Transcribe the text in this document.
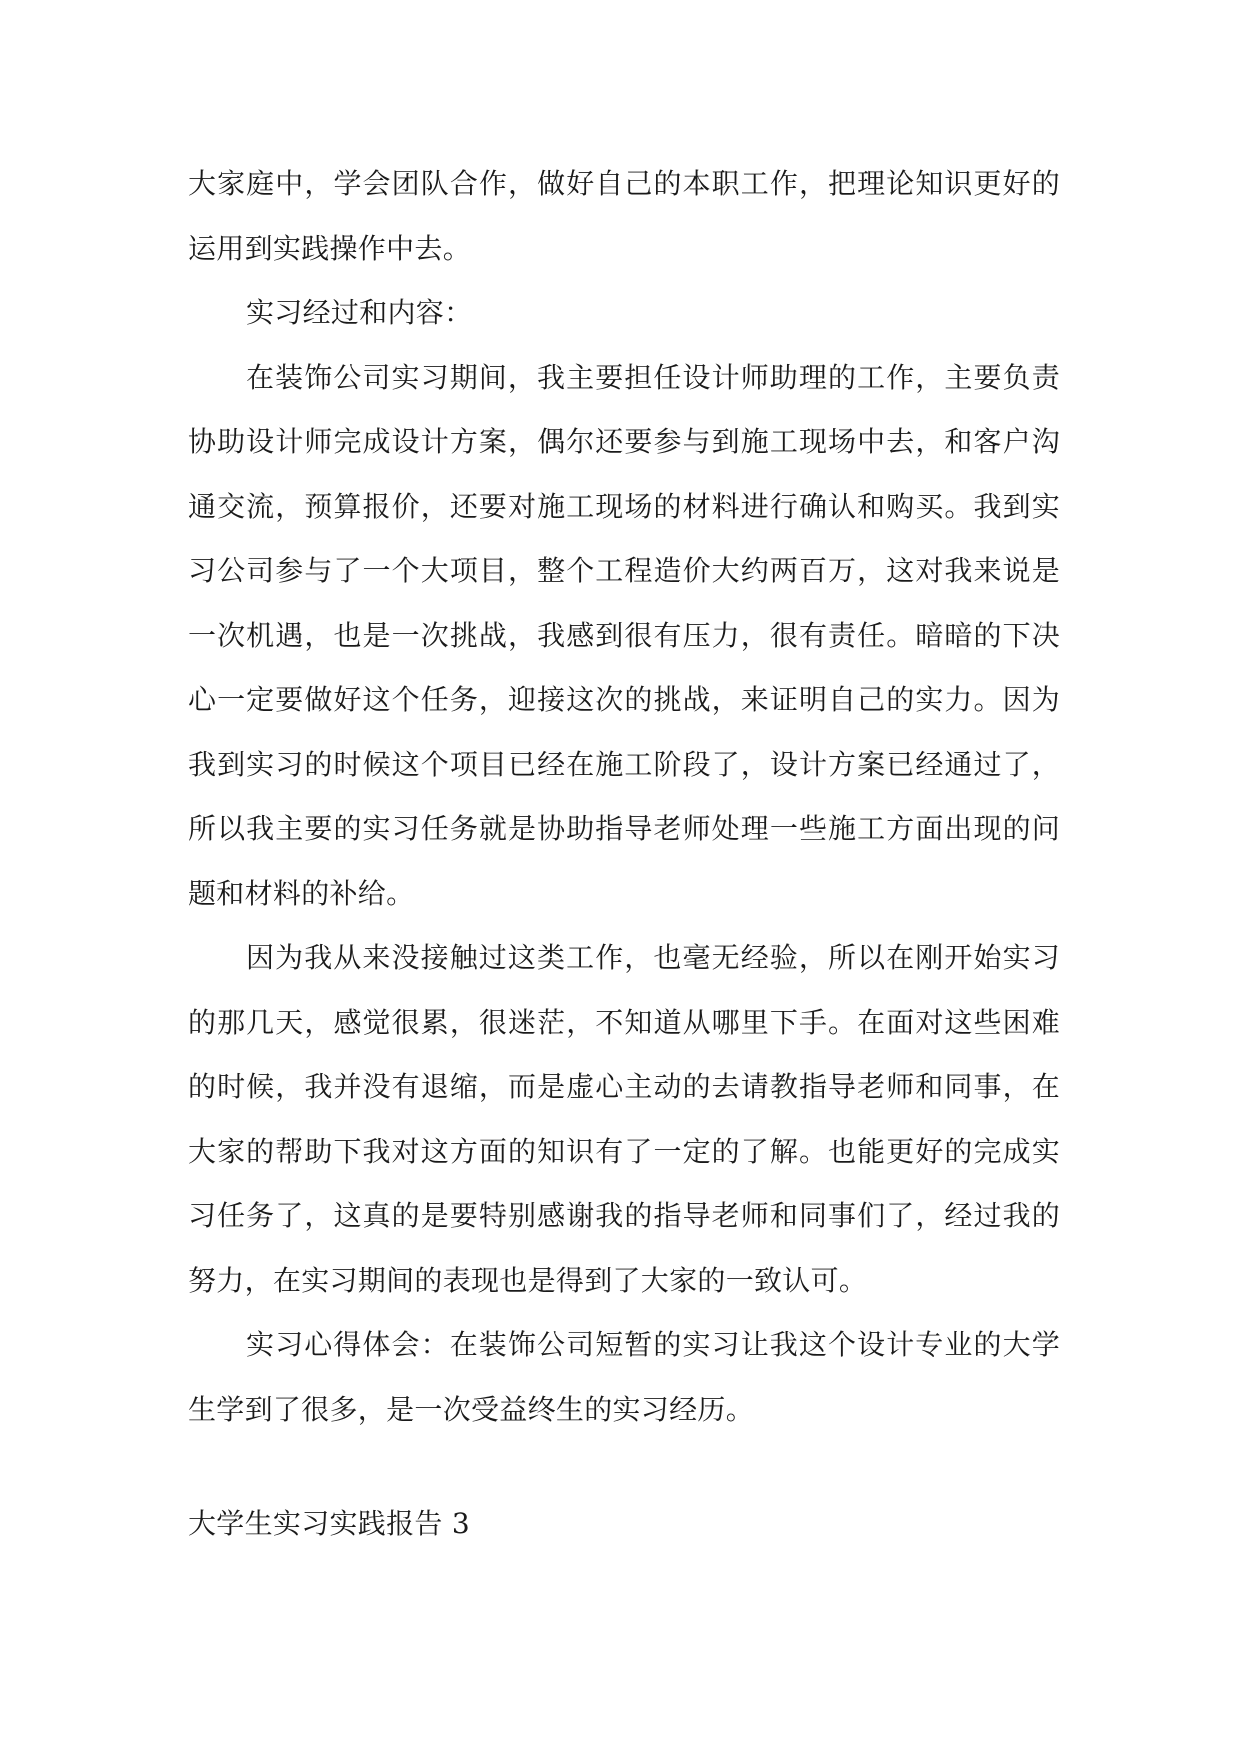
大家庭中，学会团队合作，做好自己的本职工作，把理论知识更好的运用到实践操作中去。

实习经过和内容：

在装饰公司实习期间，我主要担任设计师助理的工作，主要负责协助设计师完成设计方案，偶尔还要参与到施工现场中去，和客户沟通交流，预算报价，还要对施工现场的材料进行确认和购买。我到实习公司参与了一个大项目，整个工程造价大约两百万，这对我来说是一次机遇，也是一次挑战，我感到很有压力，很有责任。暗暗的下决心一定要做好这个任务，迎接这次的挑战，来证明自己的实力。因为我到实习的时候这个项目已经在施工阶段了，设计方案已经通过了，所以我主要的实习任务就是协助指导老师处理一些施工方面出现的问题和材料的补给。

因为我从来没接触过这类工作，也毫无经验，所以在刚开始实习的那几天，感觉很累，很迷茫，不知道从哪里下手。在面对这些困难的时候，我并没有退缩，而是虚心主动的去请教指导老师和同事，在大家的帮助下我对这方面的知识有了一定的了解。也能更好的完成实习任务了，这真的是要特别感谢我的指导老师和同事们了，经过我的努力，在实习期间的表现也是得到了大家的一致认可。

实习心得体会：在装饰公司短暂的实习让我这个设计专业的大学生学到了很多，是一次受益终生的实习经历。

大学生实习实践报告 3
